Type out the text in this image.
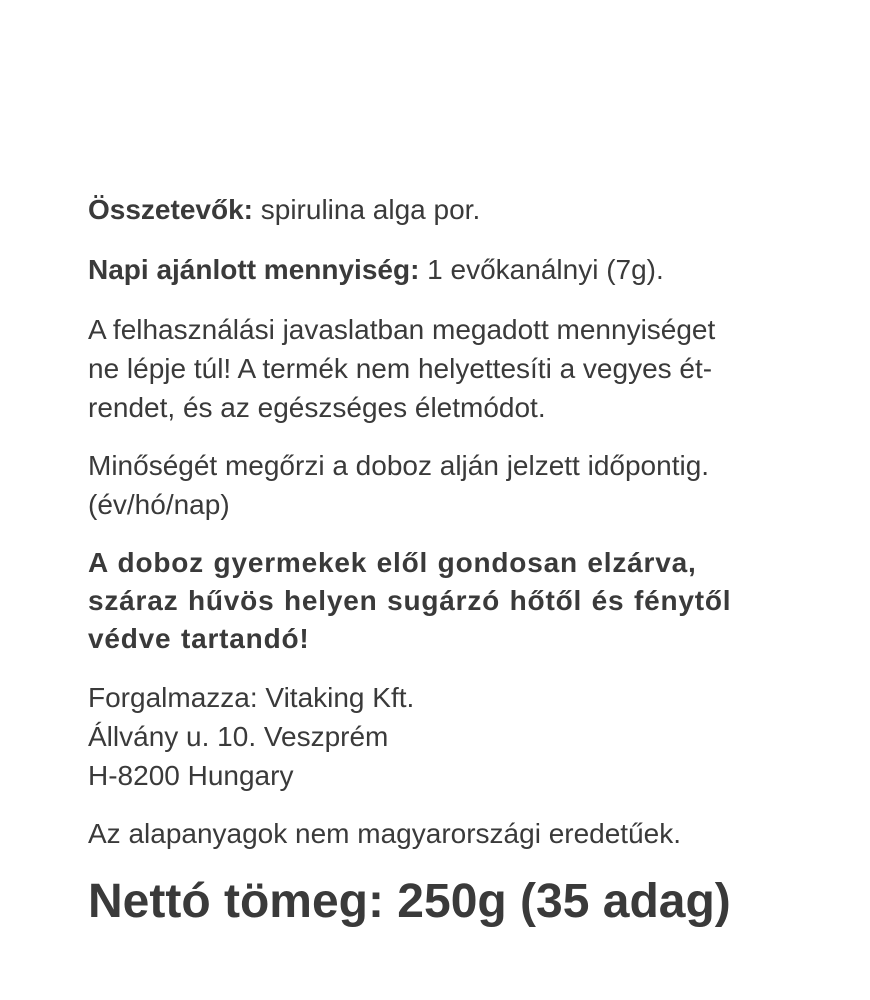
Összetevők: spirulina alga por.

Napi ajánlott mennyiség: 1 evőkanálnyi (7g).

A felhasználási javaslatban megadott mennyiséget
ne lépje túl! A termék nem helyettesíti a vegyes ét-
rendet, és az egészséges életmódot.

Minőségét megőrzi a doboz alján jelzett időpontig.
(év/hó/nap)

A doboz gyermekek elől gondosan elzárva,
száraz hűvös helyen sugárzó hőtől és fénytől
védve tartandó!

Forgalmazza: Vitaking Kft.
Állvány u. 10. Veszprém
H-8200 Hungary

Az alapanyagok nem magyarországi eredetűek.

Nettó tömeg: 250g (35 adag)
